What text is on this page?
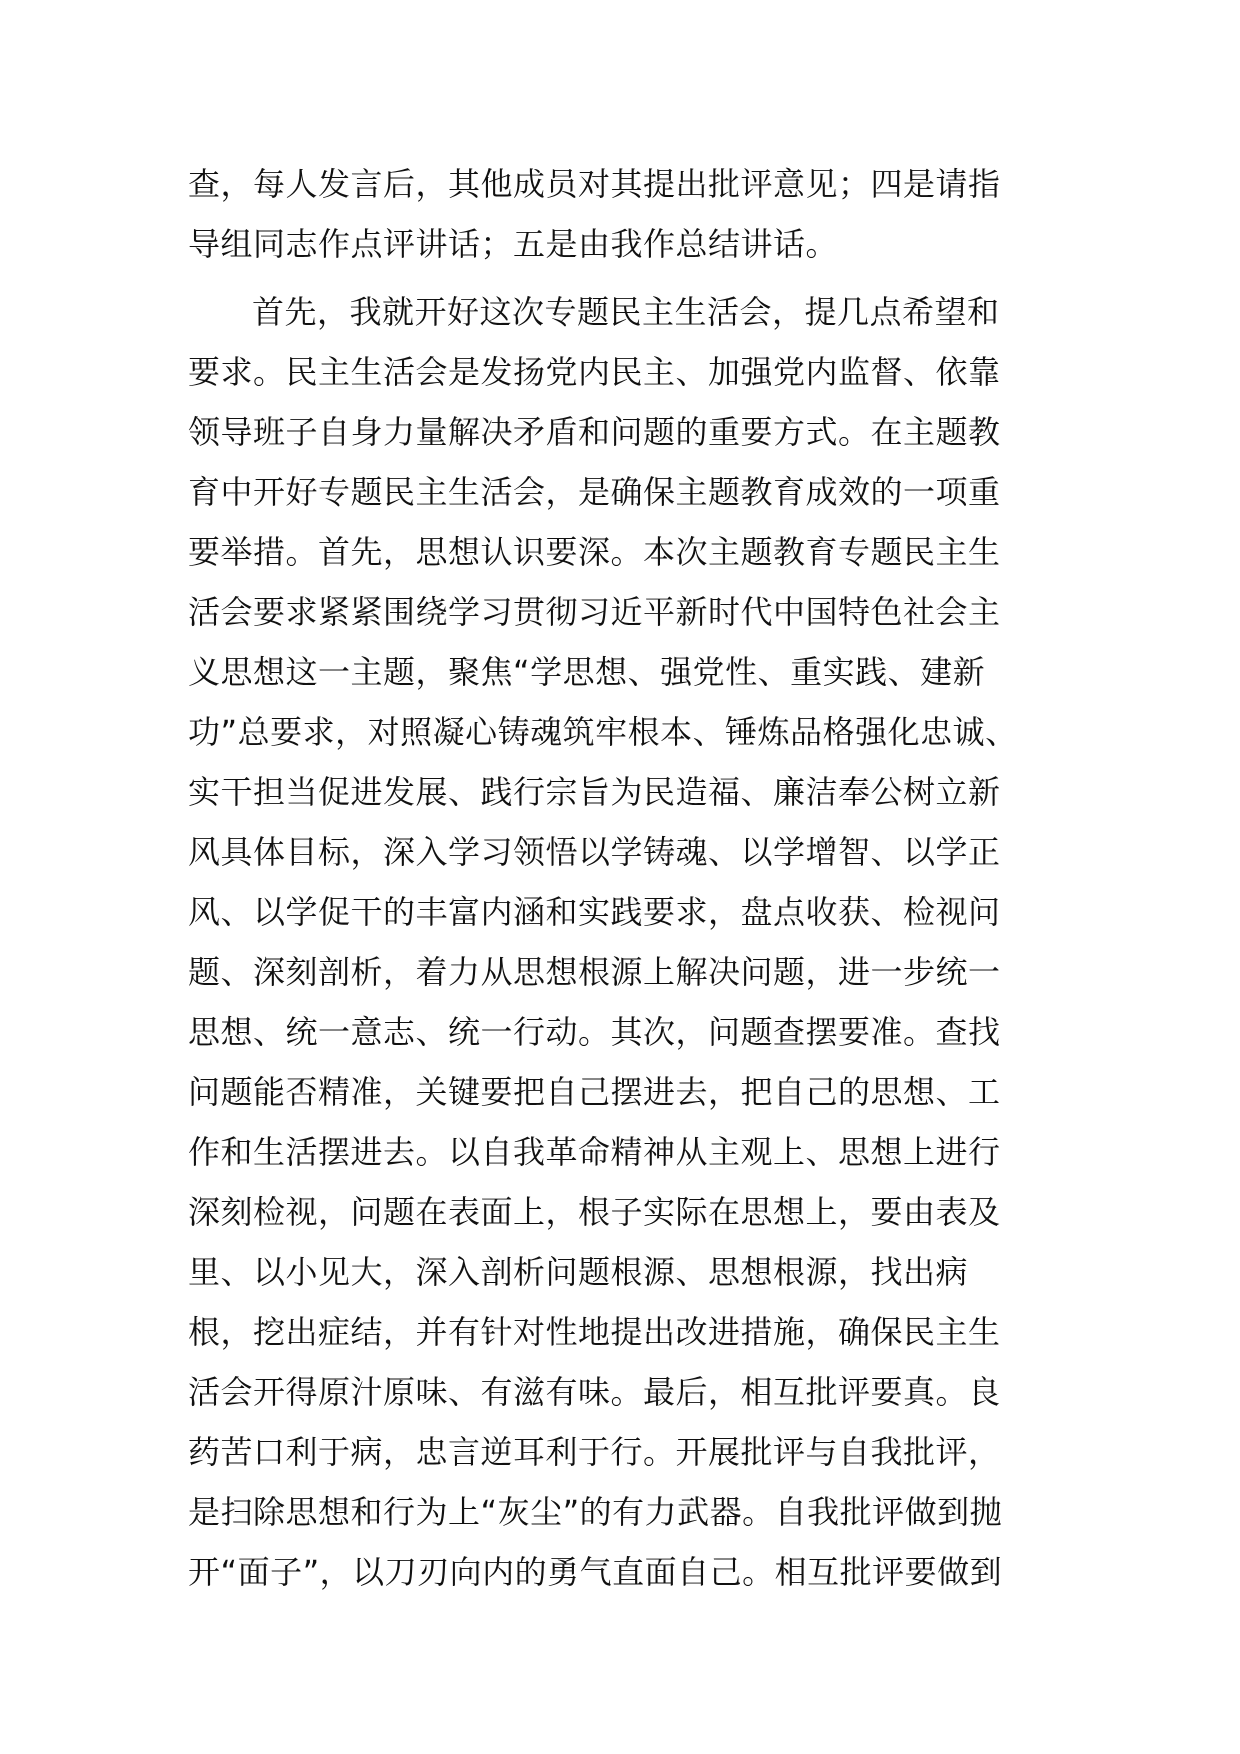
查，每人发言后，其他成员对其提出批评意见；四是请指
导组同志作点评讲话；五是由我作总结讲话。
首先，我就开好这次专题民主生活会，提几点希望和
要求。民主生活会是发扬党内民主、加强党内监督、依靠
领导班子自身力量解决矛盾和问题的重要方式。在主题教
育中开好专题民主生活会，是确保主题教育成效的一项重
要举措。首先，思想认识要深。本次主题教育专题民主生
活会要求紧紧围绕学习贯彻习近平新时代中国特色社会主
义思想这一主题，聚焦“学思想、强党性、重实践、建新
功”总要求，对照凝心铸魂筑牢根本、锤炼品格强化忠诚、
实干担当促进发展、践行宗旨为民造福、廉洁奉公树立新
风具体目标，深入学习领悟以学铸魂、以学增智、以学正
风、以学促干的丰富内涵和实践要求，盘点收获、检视问
题、深刻剖析，着力从思想根源上解决问题，进一步统一
思想、统一意志、统一行动。其次，问题查摆要准。查找
问题能否精准，关键要把自己摆进去，把自己的思想、工
作和生活摆进去。以自我革命精神从主观上、思想上进行
深刻检视，问题在表面上，根子实际在思想上，要由表及
里、以小见大，深入剖析问题根源、思想根源，找出病
根，挖出症结，并有针对性地提出改进措施，确保民主生
活会开得原汁原味、有滋有味。最后，相互批评要真。良
药苦口利于病，忠言逆耳利于行。开展批评与自我批评，
是扫除思想和行为上“灰尘”的有力武器。自我批评做到抛
开“面子”，以刀刃向内的勇气直面自己。相互批评要做到
